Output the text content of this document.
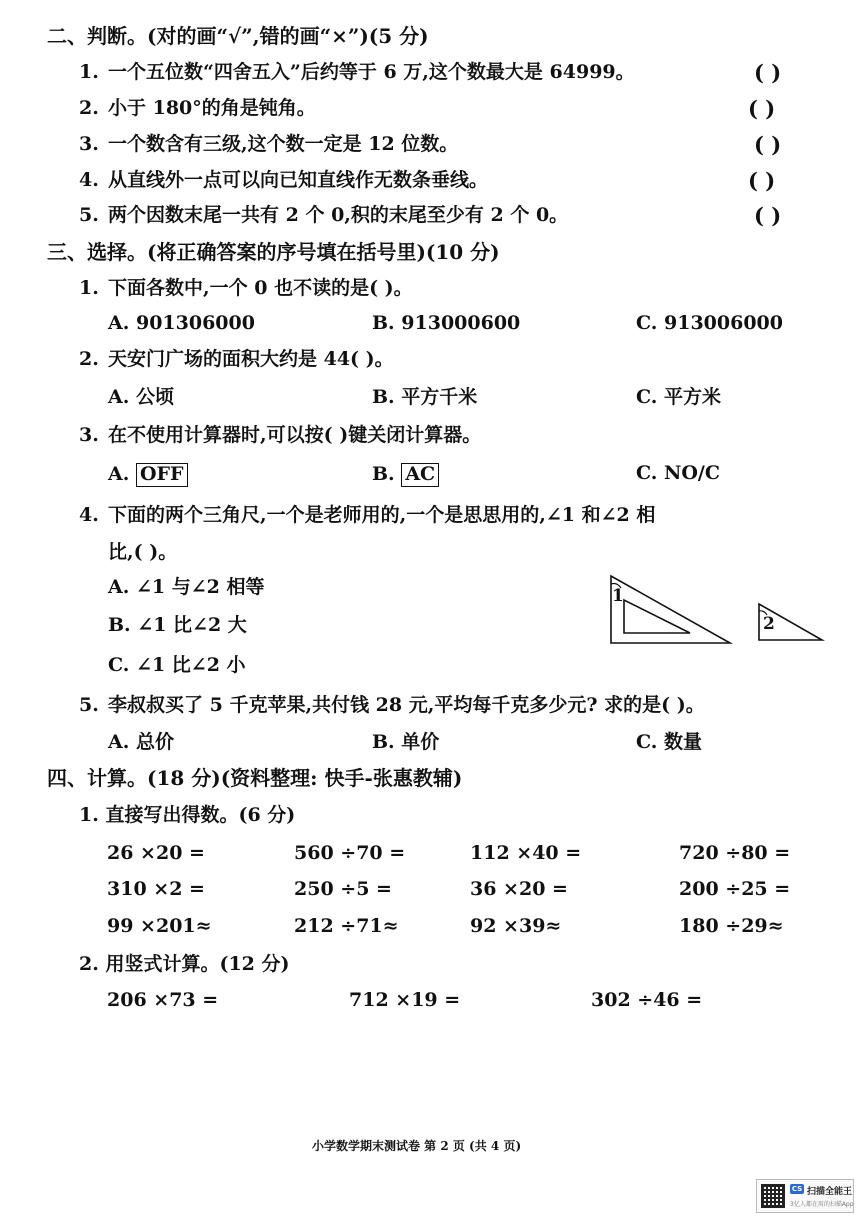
二、判断。(对的画“√”,错的画“×”)(5 分)
1. 一个五位数“四舍五入”后约等于 6 万,这个数最大是 64999。	( )
2. 小于 180°的角是钝角。	( )
3. 一个数含有三级,这个数一定是 12 位数。	( )
4. 从直线外一点可以向已知直线作无数条垂线。	( )
5. 两个因数末尾一共有 2 个 0,积的末尾至少有 2 个 0。	( )
三、选择。(将正确答案的序号填在括号里)(10 分)
1. 下面各数中,一个 0 也不读的是( )。
A. 901306000	B. 913000600	C. 913006000
2. 天安门广场的面积大约是 44( )。
A. 公顷	B. 平方千米	C. 平方米
3. 在不使用计算器时,可以按( )键关闭计算器。
A. OFF	B. AC	C. NO/C
4. 下面的两个三角尺,一个是老师用的,一个是思思用的,∠1 和∠2 相
比,( )。
A. ∠1 与∠2 相等
B. ∠1 比∠2 大
C. ∠1 比∠2 小
1
2
5. 李叔叔买了 5 千克苹果,共付钱 28 元,平均每千克多少元? 求的是( )。
A. 总价	B. 单价	C. 数量
四、计算。(18 分)(资料整理: 快手-张惠教辅)
1. 直接写出得数。(6 分)
26 ×20 =	560 ÷70 =	112 ×40 =	720 ÷80 =
310 ×2 =	250 ÷5 =	36 ×20 =	200 ÷25 =
99 ×201≈	212 ÷71≈	92 ×39≈	180 ÷29≈
2. 用竖式计算。(12 分)
206 ×73 =	712 ×19 =	302 ÷46 =
小学数学期末测试卷 第 2 页 (共 4 页)
CS 扫描全能王
3亿人都在用的扫描App
